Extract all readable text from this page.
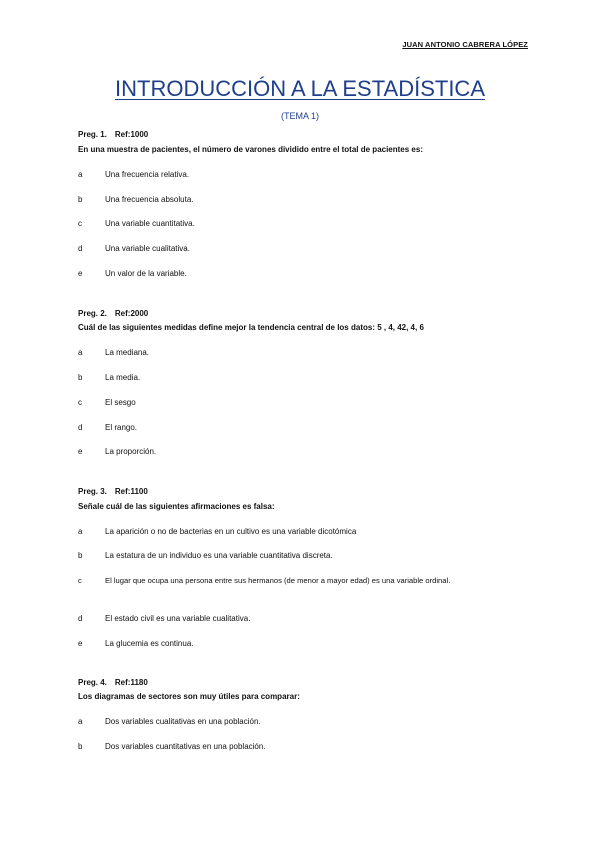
JUAN ANTONIO CABRERA LÓPEZ
INTRODUCCIÓN A LA ESTADÍSTICA
(TEMA 1)
Preg. 1. Ref:1000
En una muestra de pacientes, el número de varones dividido entre el total de pacientes es:
a	Una frecuencia relativa.
b	Una frecuencia absoluta.
c	Una variable cuantitativa.
d	Una variable cualitativa.
e	Un valor de la variable.
Preg. 2. Ref:2000
Cuál de las siguientes medidas define mejor la tendencia central de los datos: 5 , 4, 42, 4, 6
a	La mediana.
b	La media.
c	El sesgo
d	El rango.
e	La proporción.
Preg. 3. Ref:1100
Señale cuál de las siguientes afirmaciones es falsa:
a	La aparición o no de bacterias en un cultivo es una variable dicotómica
b	La estatura de un individuo es una variable cuantitativa discreta.
c	El lugar que ocupa una persona entre sus hermanos (de menor a mayor edad) es una variable ordinal.
d	El estado civil es una variable cualitativa.
e	La glucemia es continua.
Preg. 4. Ref:1180
Los diagramas de sectores son muy útiles para comparar:
a	Dos variables cualitativas en una población.
b	Dos variables cuantitativas en una población.
